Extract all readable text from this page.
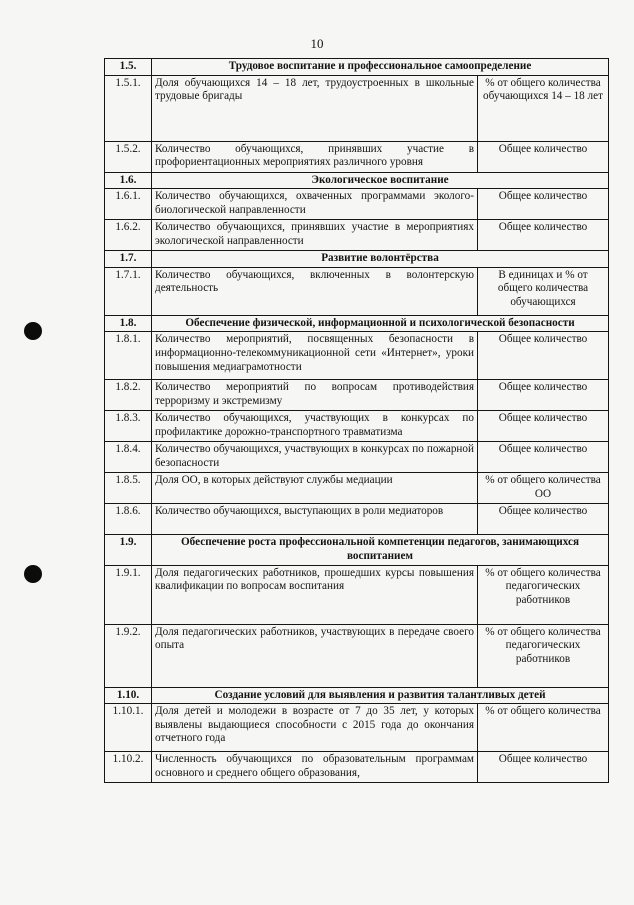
10
1.5.	Трудовое воспитание и профессиональное самоопределение	
1.5.1.	Доля обучающихся 14 – 18 лет, трудоустроенных в школьные трудовые бригады	% от общего количества обучающихся 14 – 18 лет
1.5.2.	Количество обучающихся, принявших участие в профориентационных мероприятиях различного уровня	Общее количество
1.6.	Экологическое воспитание	
1.6.1.	Количество обучающихся, охваченных программами эколого-биологической направленности	Общее количество
1.6.2.	Количество обучающихся, принявших участие в мероприятиях экологической направленности	Общее количество
1.7.	Развитие волонтёрства	
1.7.1.	Количество обучающихся, включенных в волонтерскую деятельность	В единицах и % от общего количества обучающихся
1.8.	Обеспечение физической, информационной и психологической безопасности	
1.8.1.	Количество мероприятий, посвященных безопасности в информационно-телекоммуникационной сети «Интернет», уроки повышения медиаграмотности	Общее количество
1.8.2.	Количество мероприятий по вопросам противодействия терроризму и экстремизму	Общее количество
1.8.3.	Количество обучающихся, участвующих в конкурсах по профилактике дорожно-транспортного травматизма	Общее количество
1.8.4.	Количество обучающихся, участвующих в конкурсах по пожарной безопасности	Общее количество
1.8.5.	Доля ОО, в которых действуют службы медиации	% от общего количества ОО
1.8.6.	Количество обучающихся, выступающих в роли медиаторов	Общее количество
1.9.	Обеспечение роста профессиональной компетенции педагогов, занимающихся воспитанием	
1.9.1.	Доля педагогических работников, прошедших курсы повышения квалификации по вопросам воспитания	% от общего количества педагогических работников
1.9.2.	Доля педагогических работников, участвующих в передаче своего опыта	% от общего количества педагогических работников
1.10.	Создание условий для выявления и развития талантливых детей	
1.10.1.	Доля детей и молодежи в возрасте от 7 до 35 лет, у которых выявлены выдающиеся способности с 2015 года до окончания отчетного года	% от общего количества
1.10.2.	Численность обучающихся по образовательным программам основного и среднего общего образования,	Общее количество
